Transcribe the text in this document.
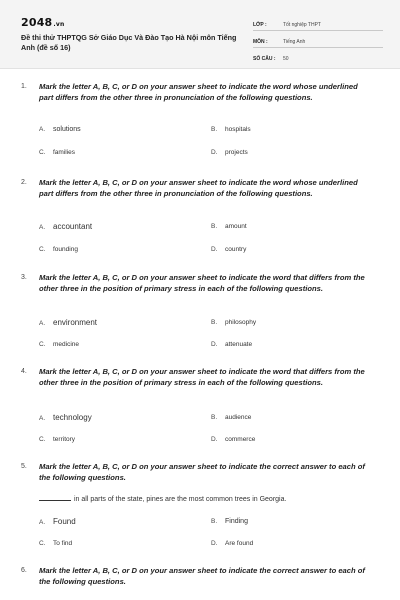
2048.vn
Đề thi thử THPTQG Sở Giáo Dục Và Đào Tạo Hà Nội môn Tiếng Anh (đề số 16)
LỚP :	Tốt nghiệp THPT
MÔN :	Tiếng Anh
SỐ CÂU :	50
1. Mark the letter A, B, C, or D on your answer sheet to indicate the word whose underlined part differs from the other three in pronunciation of the following questions.
A. solutions	B. hospitals
C. families	D. projects
2. Mark the letter A, B, C, or D on your answer sheet to indicate the word whose underlined part differs from the other three in pronunciation of the following questions.
A. accountant	B. amount
C. founding	D. country
3. Mark the letter A, B, C, or D on your answer sheet to indicate the word that differs from the other three in the position of primary stress in each of the following questions.
A. environment	B. philosophy
C. medicine	D. attenuate
4. Mark the letter A, B, C, or D on your answer sheet to indicate the word that differs from the other three in the position of primary stress in each of the following questions.
A. technology	B. audience
C. territory	D. commerce
5. Mark the letter A, B, C, or D on your answer sheet to indicate the correct answer to each of the following questions.
in all parts of the state, pines are the most common trees in Georgia.
A. Found	B. Finding
C. To find	D. Are found
6. Mark the letter A, B, C, or D on your answer sheet to indicate the correct answer to each of the following questions.
